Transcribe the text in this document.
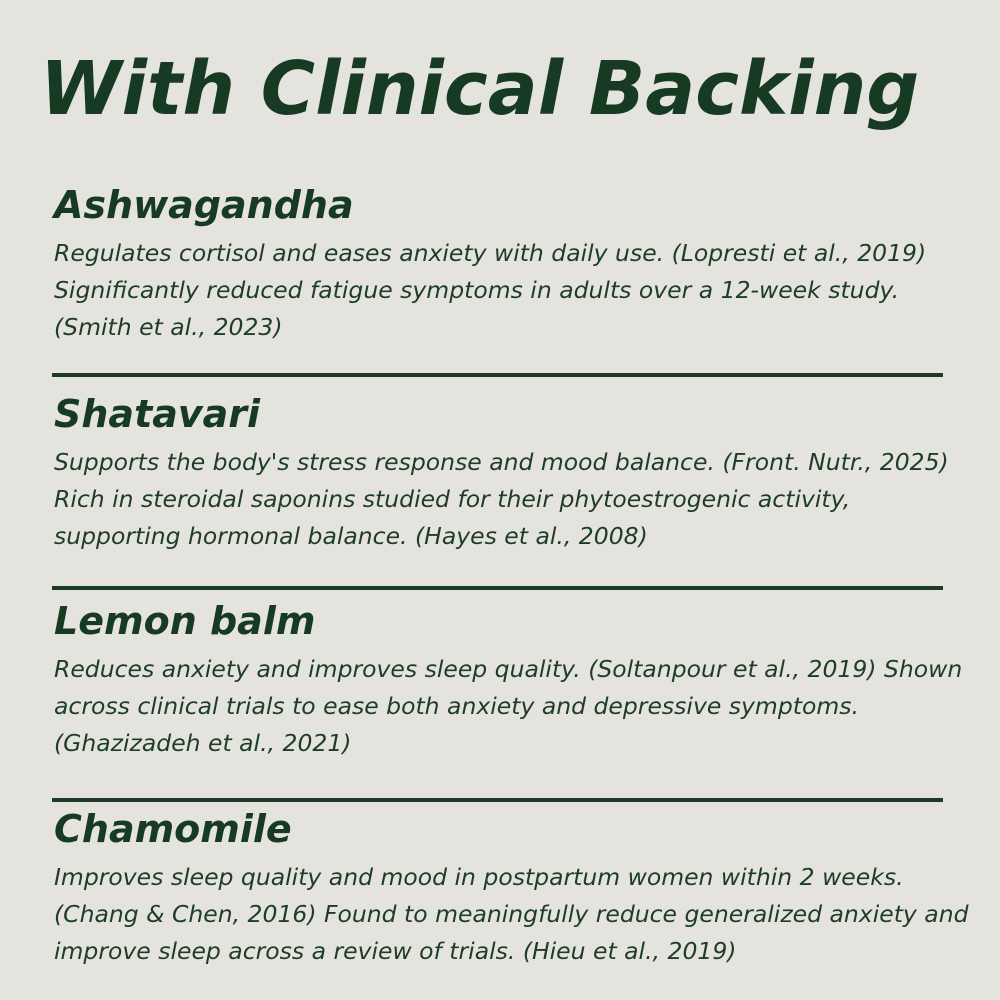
With Clinical Backing
Ashwagandha

Regulates cortisol and eases anxiety with daily use. (Lopresti et al., 2019) Significantly reduced fatigue symptoms in adults over a 12-week study. (Smith et al., 2023)

Shatavari

Supports the body's stress response and mood balance. (Front. Nutr., 2025) Rich in steroidal saponins studied for their phytoestrogenic activity, supporting hormonal balance. (Hayes et al., 2008)

Lemon balm

Reduces anxiety and improves sleep quality. (Soltanpour et al., 2019) Shown across clinical trials to ease both anxiety and depressive symptoms. (Ghazizadeh et al., 2021)

Chamomile

Improves sleep quality and mood in postpartum women within 2 weeks. (Chang & Chen, 2016) Found to meaningfully reduce generalized anxiety and improve sleep across a review of trials. (Hieu et al., 2019)
